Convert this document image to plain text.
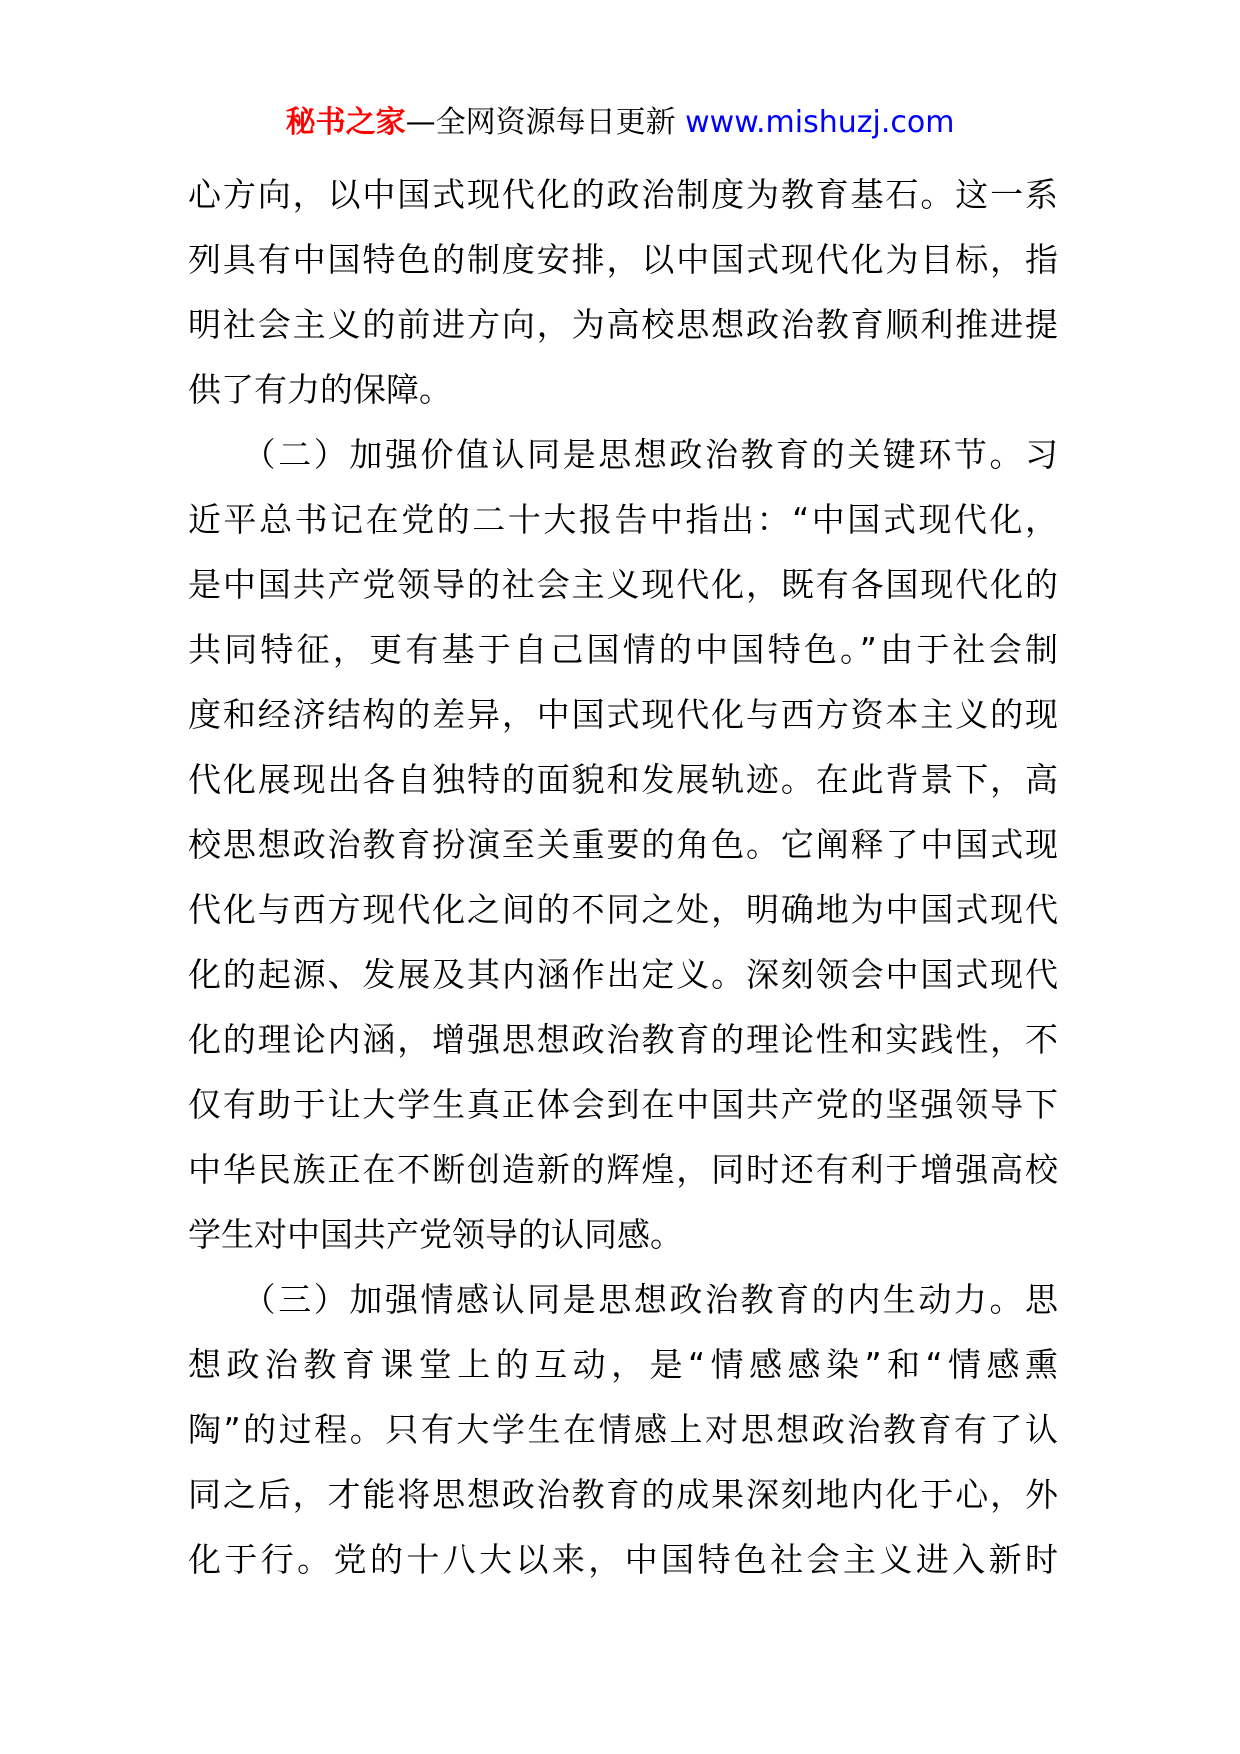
秘书之家—全网资源每日更新 www.mishuzj.com
心方向，以中国式现代化的政治制度为教育基石。这一系
列具有中国特色的制度安排，以中国式现代化为目标，指
明社会主义的前进方向，为高校思想政治教育顺利推进提
供了有力的保障。
　　（二）加强价值认同是思想政治教育的关键环节。习
近平总书记在党的二十大报告中指出：“中国式现代化，
是中国共产党领导的社会主义现代化，既有各国现代化的
共同特征，更有基于自己国情的中国特色。”由于社会制
度和经济结构的差异，中国式现代化与西方资本主义的现
代化展现出各自独特的面貌和发展轨迹。在此背景下，高
校思想政治教育扮演至关重要的角色。它阐释了中国式现
代化与西方现代化之间的不同之处，明确地为中国式现代
化的起源、发展及其内涵作出定义。深刻领会中国式现代
化的理论内涵，增强思想政治教育的理论性和实践性，不
仅有助于让大学生真正体会到在中国共产党的坚强领导下
中华民族正在不断创造新的辉煌，同时还有利于增强高校
学生对中国共产党领导的认同感。
　　（三）加强情感认同是思想政治教育的内生动力。思
想政治教育课堂上的互动，是“情感感染”和“情感熏
陶”的过程。只有大学生在情感上对思想政治教育有了认
同之后，才能将思想政治教育的成果深刻地内化于心，外
化于行。党的十八大以来，中国特色社会主义进入新时
